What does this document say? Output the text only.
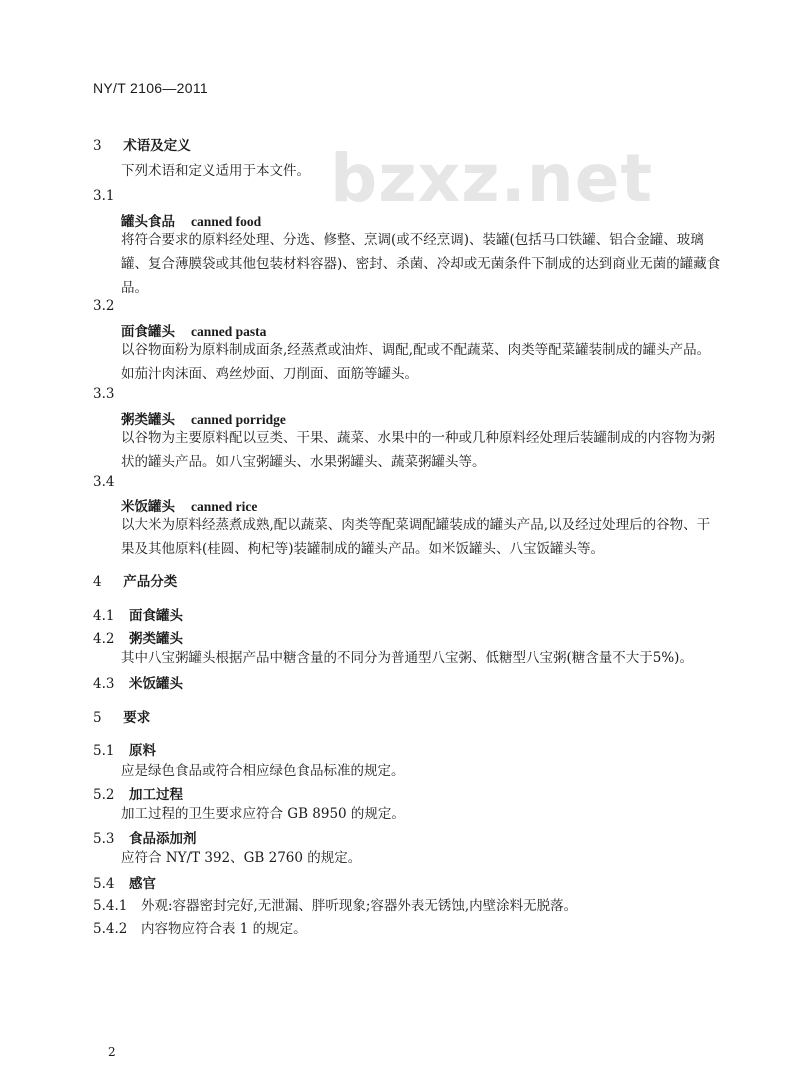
NY/T 2106—2011
bzxz.net
3 术语及定义
下列术语和定义适用于本文件。
3.1
罐头食品 canned food
将符合要求的原料经处理、分选、修整、烹调(或不经烹调)、装罐(包括马口铁罐、铝合金罐、玻璃罐、复合薄膜袋或其他包装材料容器)、密封、杀菌、冷却或无菌条件下制成的达到商业无菌的罐藏食品。
3.2
面食罐头 canned pasta
以谷物面粉为原料制成面条,经蒸煮或油炸、调配,配或不配蔬菜、肉类等配菜罐装制成的罐头产品。如茄汁肉沫面、鸡丝炒面、刀削面、面筋等罐头。
3.3
粥类罐头 canned porridge
以谷物为主要原料配以豆类、干果、蔬菜、水果中的一种或几种原料经处理后装罐制成的内容物为粥状的罐头产品。如八宝粥罐头、水果粥罐头、蔬菜粥罐头等。
3.4
米饭罐头 canned rice
以大米为原料经蒸煮成熟,配以蔬菜、肉类等配菜调配罐装成的罐头产品,以及经过处理后的谷物、干果及其他原料(桂圆、枸杞等)装罐制成的罐头产品。如米饭罐头、八宝饭罐头等。
4 产品分类
4.1 面食罐头
4.2 粥类罐头
其中八宝粥罐头根据产品中糖含量的不同分为普通型八宝粥、低糖型八宝粥(糖含量不大于5%)。
4.3 米饭罐头
5 要求
5.1 原料
应是绿色食品或符合相应绿色食品标准的规定。
5.2 加工过程
加工过程的卫生要求应符合 GB 8950 的规定。
5.3 食品添加剂
应符合 NY/T 392、GB 2760 的规定。
5.4 感官
5.4.1 外观:容器密封完好,无泄漏、胖听现象;容器外表无锈蚀,内壁涂料无脱落。
5.4.2 内容物应符合表 1 的规定。
2
